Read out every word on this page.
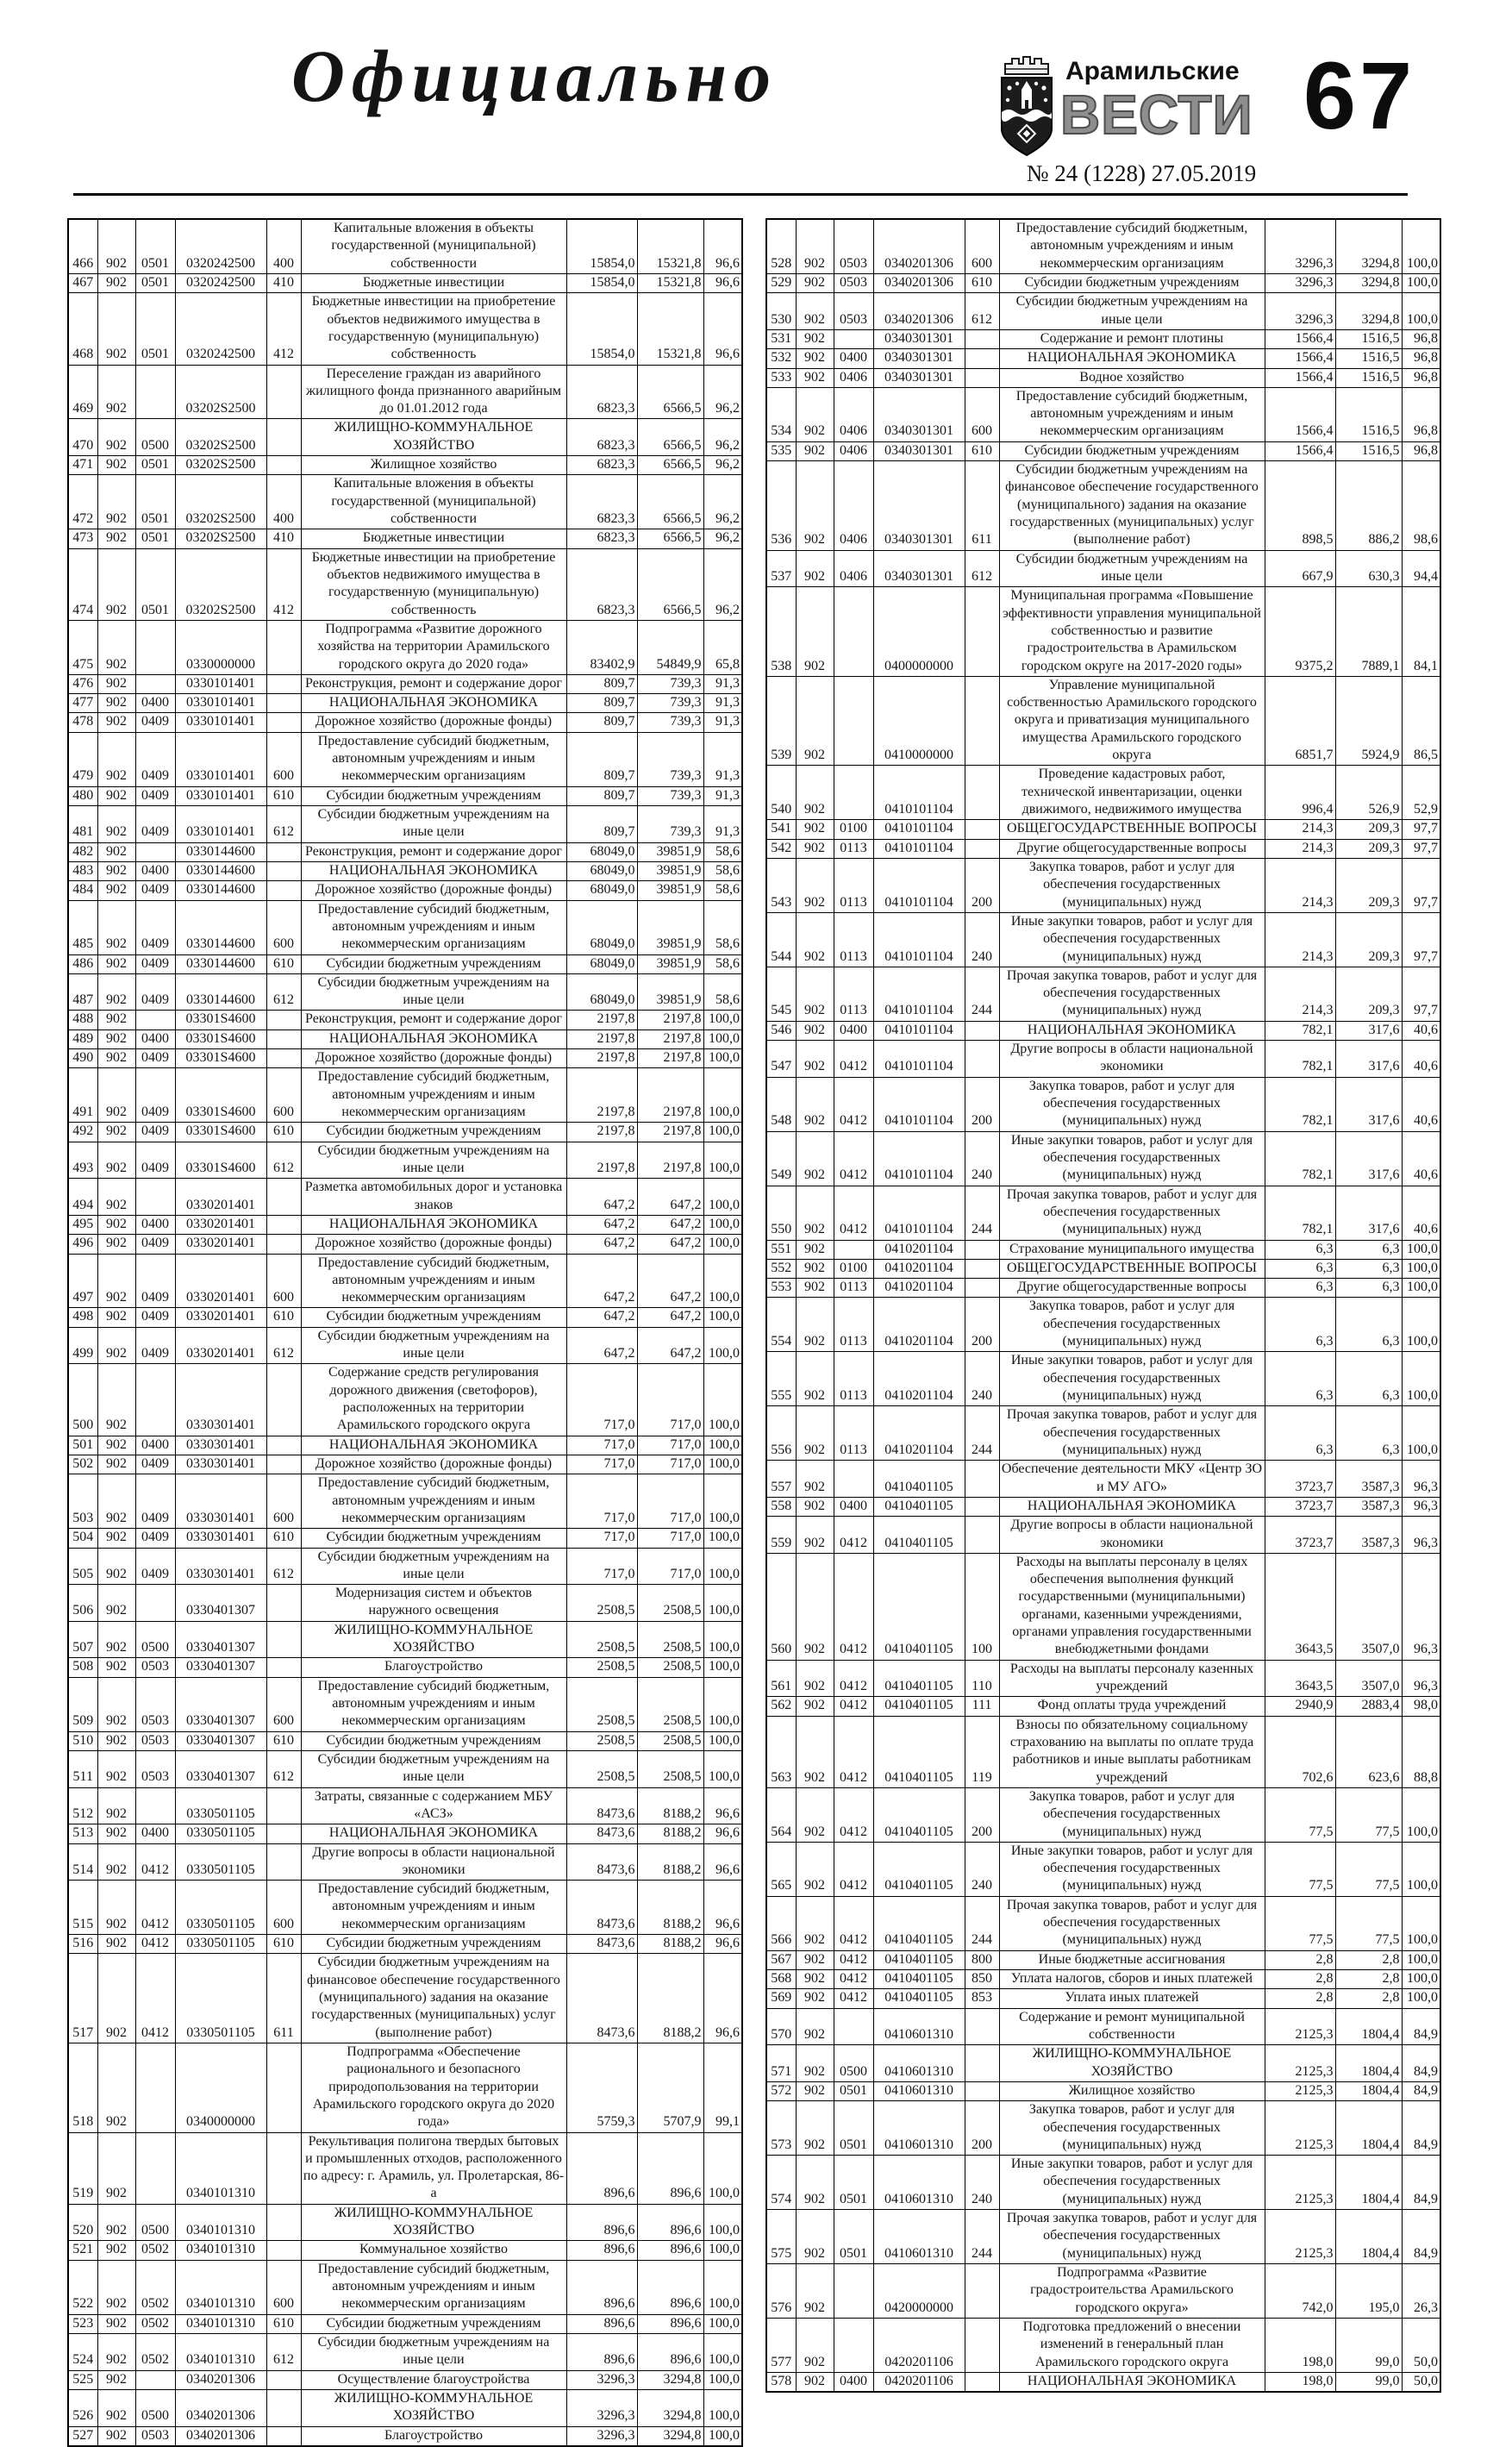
Официально	Арамильские
ВЕСТИ 67
№ 24 (1228) 27.05.2019
466	902	0501	0320242500	400	Капитальные вложения в объекты государственной (муниципальной) собственности	15854,0	15321,8	96,6
467	902	0501	0320242500	410	Бюджетные инвестиции	15854,0	15321,8	96,6
468	902	0501	0320242500	412	Бюджетные инвестиции на приобретение объектов недвижимого имущества в государственную (муниципальную) собственность	15854,0	15321,8	96,6
469	902		03202S2500		Переселение граждан из аварийного жилищного фонда признанного аварийным до 01.01.2012 года	6823,3	6566,5	96,2
470	902	0500	03202S2500		ЖИЛИЩНО-КОММУНАЛЬНОЕ ХОЗЯЙСТВО	6823,3	6566,5	96,2
471	902	0501	03202S2500		Жилищное хозяйство	6823,3	6566,5	96,2
472	902	0501	03202S2500	400	Капитальные вложения в объекты государственной (муниципальной) собственности	6823,3	6566,5	96,2
473	902	0501	03202S2500	410	Бюджетные инвестиции	6823,3	6566,5	96,2
474	902	0501	03202S2500	412	Бюджетные инвестиции на приобретение объектов недвижимого имущества в государственную (муниципальную) собственность	6823,3	6566,5	96,2
475	902		0330000000		Подпрограмма «Развитие дорожного хозяйства на территории Арамильского городского округа до 2020 года»	83402,9	54849,9	65,8
476	902		0330101401		Реконструкция, ремонт и содержание дорог	809,7	739,3	91,3
477	902	0400	0330101401		НАЦИОНАЛЬНАЯ ЭКОНОМИКА	809,7	739,3	91,3
478	902	0409	0330101401		Дорожное хозяйство (дорожные фонды)	809,7	739,3	91,3
479	902	0409	0330101401	600	Предоставление субсидий бюджетным, автономным учреждениям и иным некоммерческим организациям	809,7	739,3	91,3
480	902	0409	0330101401	610	Субсидии бюджетным учреждениям	809,7	739,3	91,3
481	902	0409	0330101401	612	Субсидии бюджетным учреждениям на иные цели	809,7	739,3	91,3
482	902		0330144600		Реконструкция, ремонт и содержание дорог	68049,0	39851,9	58,6
483	902	0400	0330144600		НАЦИОНАЛЬНАЯ ЭКОНОМИКА	68049,0	39851,9	58,6
484	902	0409	0330144600		Дорожное хозяйство (дорожные фонды)	68049,0	39851,9	58,6
485	902	0409	0330144600	600	Предоставление субсидий бюджетным, автономным учреждениям и иным некоммерческим организациям	68049,0	39851,9	58,6
486	902	0409	0330144600	610	Субсидии бюджетным учреждениям	68049,0	39851,9	58,6
487	902	0409	0330144600	612	Субсидии бюджетным учреждениям на иные цели	68049,0	39851,9	58,6
488	902		03301S4600		Реконструкция, ремонт и содержание дорог	2197,8	2197,8	100,0
489	902	0400	03301S4600		НАЦИОНАЛЬНАЯ ЭКОНОМИКА	2197,8	2197,8	100,0
490	902	0409	03301S4600		Дорожное хозяйство (дорожные фонды)	2197,8	2197,8	100,0
491	902	0409	03301S4600	600	Предоставление субсидий бюджетным, автономным учреждениям и иным некоммерческим организациям	2197,8	2197,8	100,0
492	902	0409	03301S4600	610	Субсидии бюджетным учреждениям	2197,8	2197,8	100,0
493	902	0409	03301S4600	612	Субсидии бюджетным учреждениям на иные цели	2197,8	2197,8	100,0
494	902		0330201401		Разметка автомобильных дорог и установка знаков	647,2	647,2	100,0
495	902	0400	0330201401		НАЦИОНАЛЬНАЯ ЭКОНОМИКА	647,2	647,2	100,0
496	902	0409	0330201401		Дорожное хозяйство (дорожные фонды)	647,2	647,2	100,0
497	902	0409	0330201401	600	Предоставление субсидий бюджетным, автономным учреждениям и иным некоммерческим организациям	647,2	647,2	100,0
498	902	0409	0330201401	610	Субсидии бюджетным учреждениям	647,2	647,2	100,0
499	902	0409	0330201401	612	Субсидии бюджетным учреждениям на иные цели	647,2	647,2	100,0
500	902		0330301401		Содержание средств регулирования дорожного движения (светофоров), расположенных на территории Арамильского городского округа	717,0	717,0	100,0
501	902	0400	0330301401		НАЦИОНАЛЬНАЯ ЭКОНОМИКА	717,0	717,0	100,0
502	902	0409	0330301401		Дорожное хозяйство (дорожные фонды)	717,0	717,0	100,0
503	902	0409	0330301401	600	Предоставление субсидий бюджетным, автономным учреждениям и иным некоммерческим организациям	717,0	717,0	100,0
504	902	0409	0330301401	610	Субсидии бюджетным учреждениям	717,0	717,0	100,0
505	902	0409	0330301401	612	Субсидии бюджетным учреждениям на иные цели	717,0	717,0	100,0
506	902		0330401307		Модернизация систем и объектов наружного освещения	2508,5	2508,5	100,0
507	902	0500	0330401307		ЖИЛИЩНО-КОММУНАЛЬНОЕ ХОЗЯЙСТВО	2508,5	2508,5	100,0
508	902	0503	0330401307		Благоустройство	2508,5	2508,5	100,0
509	902	0503	0330401307	600	Предоставление субсидий бюджетным, автономным учреждениям и иным некоммерческим организациям	2508,5	2508,5	100,0
510	902	0503	0330401307	610	Субсидии бюджетным учреждениям	2508,5	2508,5	100,0
511	902	0503	0330401307	612	Субсидии бюджетным учреждениям на иные цели	2508,5	2508,5	100,0
512	902		0330501105		Затраты, связанные с содержанием МБУ «АСЗ»	8473,6	8188,2	96,6
513	902	0400	0330501105		НАЦИОНАЛЬНАЯ ЭКОНОМИКА	8473,6	8188,2	96,6
514	902	0412	0330501105		Другие вопросы в области национальной экономики	8473,6	8188,2	96,6
515	902	0412	0330501105	600	Предоставление субсидий бюджетным, автономным учреждениям и иным некоммерческим организациям	8473,6	8188,2	96,6
516	902	0412	0330501105	610	Субсидии бюджетным учреждениям	8473,6	8188,2	96,6
517	902	0412	0330501105	611	Субсидии бюджетным учреждениям на финансовое обеспечение государственного (муниципального) задания на оказание государственных (муниципальных) услуг (выполнение работ)	8473,6	8188,2	96,6
518	902		0340000000		Подпрограмма «Обеспечение рационального и безопасного природопользования на территории Арамильского городского округа до 2020 года»	5759,3	5707,9	99,1
519	902		0340101310		Рекультивация полигона твердых бытовых и промышленных отходов, расположенного по адресу: г. Арамиль, ул. Пролетарская, 86-а	896,6	896,6	100,0
520	902	0500	0340101310		ЖИЛИЩНО-КОММУНАЛЬНОЕ ХОЗЯЙСТВО	896,6	896,6	100,0
521	902	0502	0340101310		Коммунальное хозяйство	896,6	896,6	100,0
522	902	0502	0340101310	600	Предоставление субсидий бюджетным, автономным учреждениям и иным некоммерческим организациям	896,6	896,6	100,0
523	902	0502	0340101310	610	Субсидии бюджетным учреждениям	896,6	896,6	100,0
524	902	0502	0340101310	612	Субсидии бюджетным учреждениям на иные цели	896,6	896,6	100,0
525	902		0340201306		Осуществление благоустройства	3296,3	3294,8	100,0
526	902	0500	0340201306		ЖИЛИЩНО-КОММУНАЛЬНОЕ ХОЗЯЙСТВО	3296,3	3294,8	100,0
527	902	0503	0340201306		Благоустройство	3296,3	3294,8	100,0
528	902	0503	0340201306	600	Предоставление субсидий бюджетным, автономным учреждениям и иным некоммерческим организациям	3296,3	3294,8	100,0
529	902	0503	0340201306	610	Субсидии бюджетным учреждениям	3296,3	3294,8	100,0
530	902	0503	0340201306	612	Субсидии бюджетным учреждениям на иные цели	3296,3	3294,8	100,0
531	902		0340301301		Содержание и ремонт плотины	1566,4	1516,5	96,8
532	902	0400	0340301301		НАЦИОНАЛЬНАЯ ЭКОНОМИКА	1566,4	1516,5	96,8
533	902	0406	0340301301		Водное хозяйство	1566,4	1516,5	96,8
534	902	0406	0340301301	600	Предоставление субсидий бюджетным, автономным учреждениям и иным некоммерческим организациям	1566,4	1516,5	96,8
535	902	0406	0340301301	610	Субсидии бюджетным учреждениям	1566,4	1516,5	96,8
536	902	0406	0340301301	611	Субсидии бюджетным учреждениям на финансовое обеспечение государственного (муниципального) задания на оказание государственных (муниципальных) услуг (выполнение работ)	898,5	886,2	98,6
537	902	0406	0340301301	612	Субсидии бюджетным учреждениям на иные цели	667,9	630,3	94,4
538	902		0400000000		Муниципальная программа «Повышение эффективности управления муниципальной собственностью и развитие градостроительства в Арамильском городском округе на 2017-2020 годы»	9375,2	7889,1	84,1
539	902		0410000000		Управление муниципальной собственностью Арамильского городского округа и приватизация муниципального имущества Арамильского городского округа	6851,7	5924,9	86,5
540	902		0410101104		Проведение кадастровых работ, технической инвентаризации, оценки движимого, недвижимого имущества	996,4	526,9	52,9
541	902	0100	0410101104		ОБЩЕГОСУДАРСТВЕННЫЕ ВОПРОСЫ	214,3	209,3	97,7
542	902	0113	0410101104		Другие общегосударственные вопросы	214,3	209,3	97,7
543	902	0113	0410101104	200	Закупка товаров, работ и услуг для обеспечения государственных (муниципальных) нужд	214,3	209,3	97,7
544	902	0113	0410101104	240	Иные закупки товаров, работ и услуг для обеспечения государственных (муниципальных) нужд	214,3	209,3	97,7
545	902	0113	0410101104	244	Прочая закупка товаров, работ и услуг для обеспечения государственных (муниципальных) нужд	214,3	209,3	97,7
546	902	0400	0410101104		НАЦИОНАЛЬНАЯ ЭКОНОМИКА	782,1	317,6	40,6
547	902	0412	0410101104		Другие вопросы в области национальной экономики	782,1	317,6	40,6
548	902	0412	0410101104	200	Закупка товаров, работ и услуг для обеспечения государственных (муниципальных) нужд	782,1	317,6	40,6
549	902	0412	0410101104	240	Иные закупки товаров, работ и услуг для обеспечения государственных (муниципальных) нужд	782,1	317,6	40,6
550	902	0412	0410101104	244	Прочая закупка товаров, работ и услуг для обеспечения государственных (муниципальных) нужд	782,1	317,6	40,6
551	902		0410201104		Страхование муниципального имущества	6,3	6,3	100,0
552	902	0100	0410201104		ОБЩЕГОСУДАРСТВЕННЫЕ ВОПРОСЫ	6,3	6,3	100,0
553	902	0113	0410201104		Другие общегосударственные вопросы	6,3	6,3	100,0
554	902	0113	0410201104	200	Закупка товаров, работ и услуг для обеспечения государственных (муниципальных) нужд	6,3	6,3	100,0
555	902	0113	0410201104	240	Иные закупки товаров, работ и услуг для обеспечения государственных (муниципальных) нужд	6,3	6,3	100,0
556	902	0113	0410201104	244	Прочая закупка товаров, работ и услуг для обеспечения государственных (муниципальных) нужд	6,3	6,3	100,0
557	902		0410401105		Обеспечение деятельности МКУ «Центр ЗО и МУ АГО»	3723,7	3587,3	96,3
558	902	0400	0410401105		НАЦИОНАЛЬНАЯ ЭКОНОМИКА	3723,7	3587,3	96,3
559	902	0412	0410401105		Другие вопросы в области национальной экономики	3723,7	3587,3	96,3
560	902	0412	0410401105	100	Расходы на выплаты персоналу в целях обеспечения выполнения функций государственными (муниципальными) органами, казенными учреждениями, органами управления государственными внебюджетными фондами	3643,5	3507,0	96,3
561	902	0412	0410401105	110	Расходы на выплаты персоналу казенных учреждений	3643,5	3507,0	96,3
562	902	0412	0410401105	111	Фонд оплаты труда учреждений	2940,9	2883,4	98,0
563	902	0412	0410401105	119	Взносы по обязательному социальному страхованию на выплаты по оплате труда работников и иные выплаты работникам учреждений	702,6	623,6	88,8
564	902	0412	0410401105	200	Закупка товаров, работ и услуг для обеспечения государственных (муниципальных) нужд	77,5	77,5	100,0
565	902	0412	0410401105	240	Иные закупки товаров, работ и услуг для обеспечения государственных (муниципальных) нужд	77,5	77,5	100,0
566	902	0412	0410401105	244	Прочая закупка товаров, работ и услуг для обеспечения государственных (муниципальных) нужд	77,5	77,5	100,0
567	902	0412	0410401105	800	Иные бюджетные ассигнования	2,8	2,8	100,0
568	902	0412	0410401105	850	Уплата налогов, сборов и иных платежей	2,8	2,8	100,0
569	902	0412	0410401105	853	Уплата иных платежей	2,8	2,8	100,0
570	902		0410601310		Содержание и ремонт муниципальной собственности	2125,3	1804,4	84,9
571	902	0500	0410601310		ЖИЛИЩНО-КОММУНАЛЬНОЕ ХОЗЯЙСТВО	2125,3	1804,4	84,9
572	902	0501	0410601310		Жилищное хозяйство	2125,3	1804,4	84,9
573	902	0501	0410601310	200	Закупка товаров, работ и услуг для обеспечения государственных (муниципальных) нужд	2125,3	1804,4	84,9
574	902	0501	0410601310	240	Иные закупки товаров, работ и услуг для обеспечения государственных (муниципальных) нужд	2125,3	1804,4	84,9
575	902	0501	0410601310	244	Прочая закупка товаров, работ и услуг для обеспечения государственных (муниципальных) нужд	2125,3	1804,4	84,9
576	902		0420000000		Подпрограмма «Развитие градостроительства Арамильского городского округа»	742,0	195,0	26,3
577	902		0420201106		Подготовка предложений о внесении изменений в генеральный план Арамильского городского округа	198,0	99,0	50,0
578	902	0400	0420201106		НАЦИОНАЛЬНАЯ ЭКОНОМИКА	198,0	99,0	50,0
